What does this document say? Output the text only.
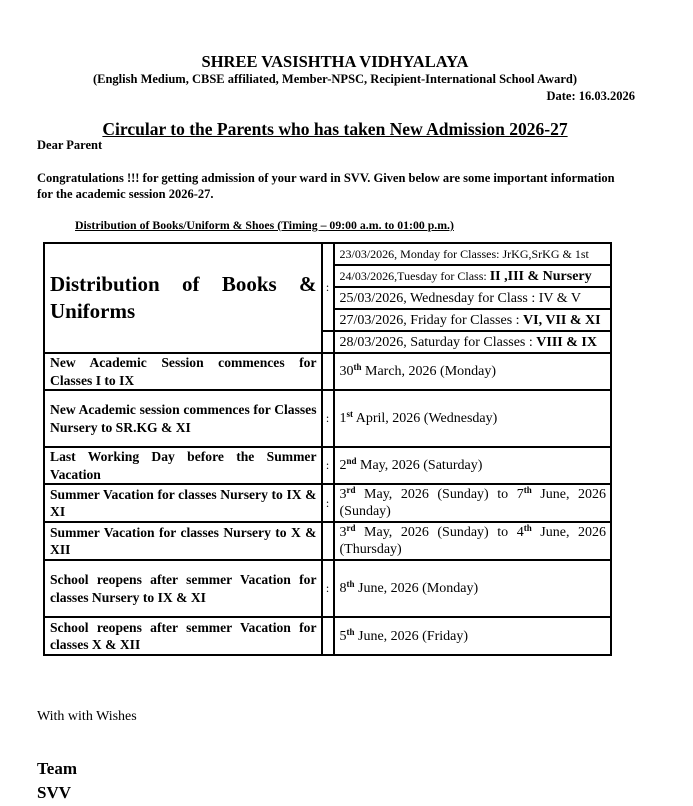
SHREE VASISHTHA VIDHYALAYA
(English Medium, CBSE affiliated, Member-NPSC, Recipient-International School Award)
Date: 16.03.2026
Circular to the Parents who has taken New Admission 2026-27
Dear Parent
Congratulations !!! for getting admission of your ward in SVV. Given below are some important information for the academic session 2026-27.
Distribution of Books/Uniform & Shoes (Timing – 09:00 a.m. to 01:00 p.m.)
Distribution of Books & Uniforms	:	23/03/2026, Monday for Classes: JrKG,SrKG & 1st
		24/03/2026,Tuesday for Class: II ,III & Nursery
		25/03/2026, Wednesday for Class : IV & V
		27/03/2026, Friday for Classes : VI, VII & XI
		28/03/2026, Saturday for Classes : VIII & IX
New Academic Session commences for Classes I to IX		30th March, 2026 (Monday)
New Academic session commences for Classes Nursery to SR.KG & XI	:	1st April, 2026 (Wednesday)
Last Working Day before the Summer Vacation	:	2nd May, 2026 (Saturday)
Summer Vacation for classes Nursery to IX & XI	:	3rd May, 2026 (Sunday) to 7th June, 2026 (Sunday)
Summer Vacation for classes Nursery to X & XII		3rd May, 2026 (Sunday) to 4th June, 2026 (Thursday)
School reopens after semmer Vacation for classes Nursery to IX & XI	:	8th June, 2026 (Monday)
School reopens after semmer Vacation for classes X & XII		5th June, 2026 (Friday)
With with Wishes
Team
SVV
